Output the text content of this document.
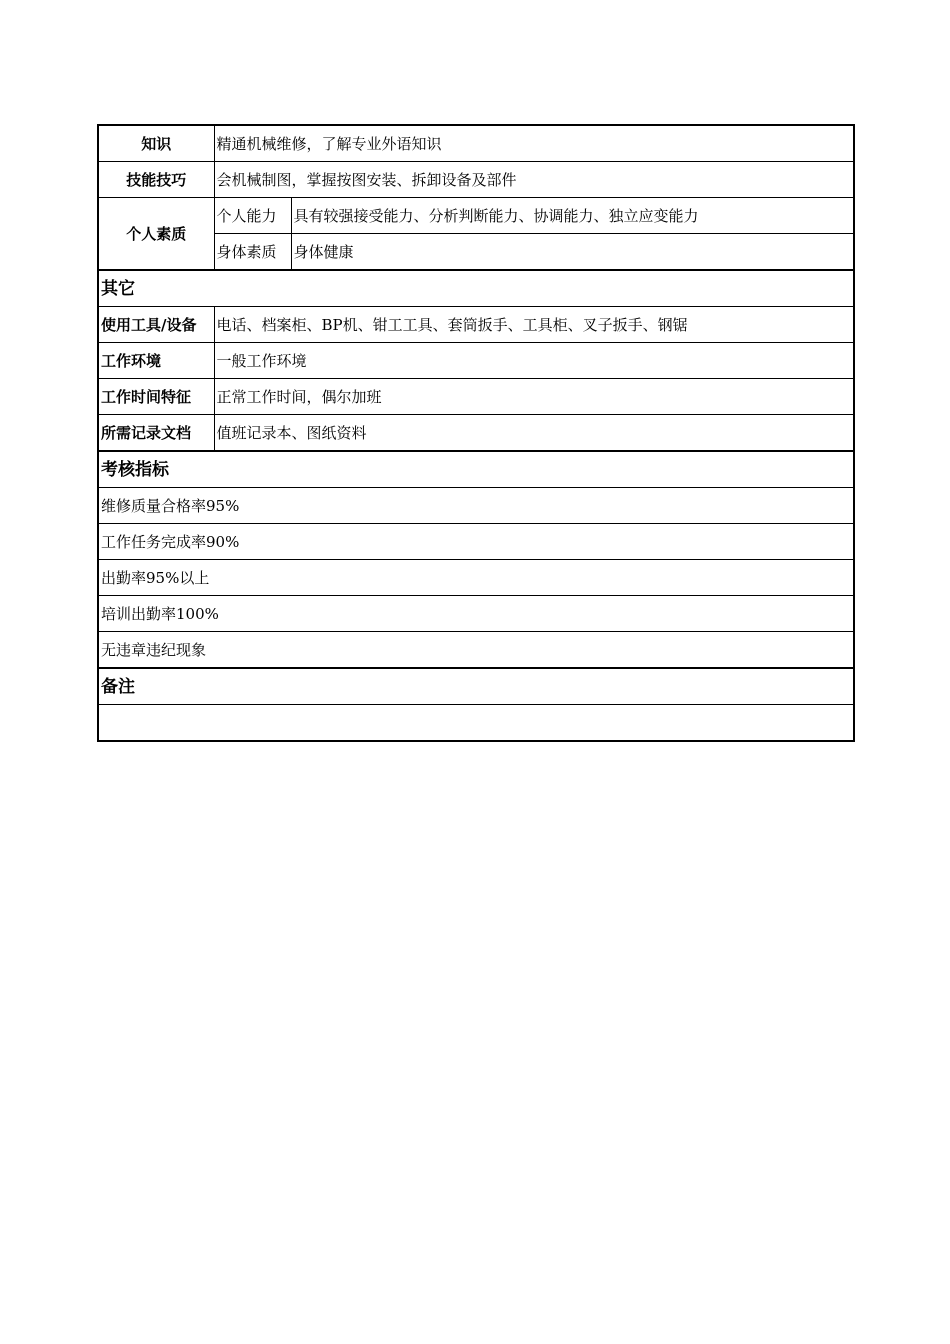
知识	精通机械维修，了解专业外语知识	
技能技巧	会机械制图，掌握按图安装、拆卸设备及部件	
个人素质	个人能力	具有较强接受能力、分析判断能力、协调能力、独立应变能力
	身体素质	身体健康
其它		
使用工具/设备	电话、档案柜、BP机、钳工工具、套筒扳手、工具柜、叉子扳手、钢锯	
工作环境	一般工作环境	
工作时间特征	正常工作时间，偶尔加班	
所需记录文档	值班记录本、图纸资料	
考核指标		
维修质量合格率95%		
工作任务完成率90%		
出勤率95%以上		
培训出勤率100%		
无违章违纪现象		
备注		
